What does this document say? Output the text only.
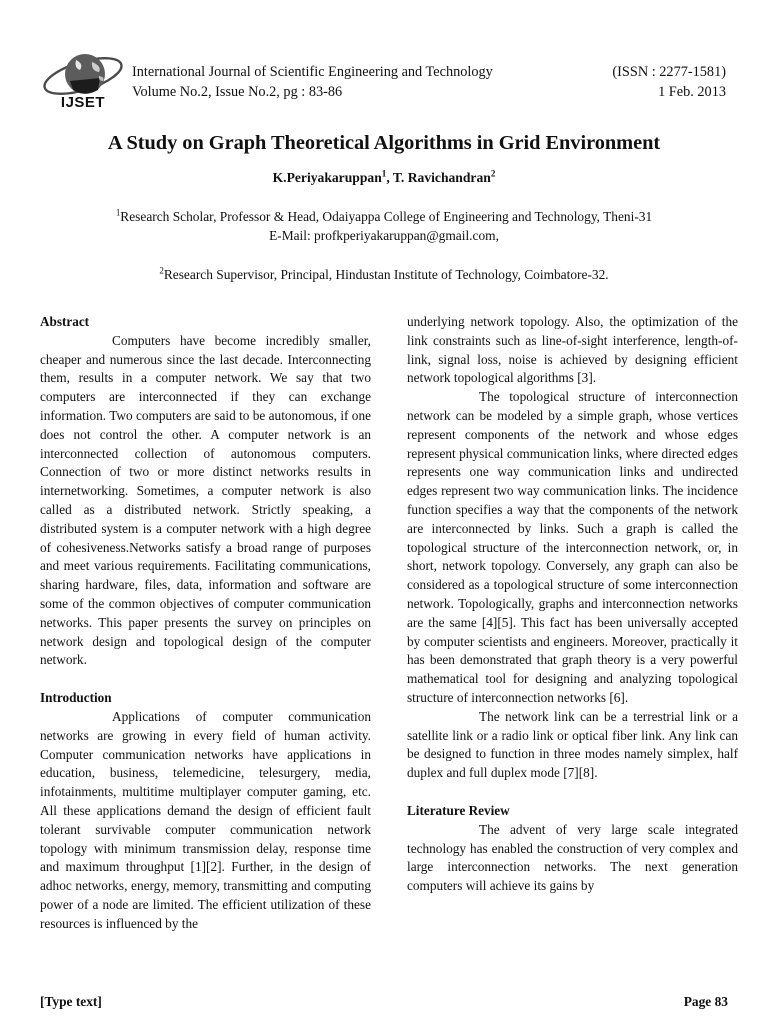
IJSET
International Journal of Scientific Engineering and Technology	(ISSN : 2277-1581)
Volume No.2, Issue No.2, pg : 83-86	1 Feb. 2013
A Study on Graph Theoretical Algorithms in Grid Environment
K.Periyakaruppan$^1$, T. Ravichandran$^2$
$^1$Research Scholar, Professor & Head, Odaiyappa College of Engineering and Technology, Theni-31
E-Mail: profkperiyakaruppan@gmail.com,
$^2$Research Supervisor, Principal, Hindustan Institute of Technology, Coimbatore-32.
Abstract

Computers have become incredibly smaller, cheaper and numerous since the last decade. Interconnecting them, results in a computer network. We say that two computers are interconnected if they can exchange information. Two computers are said to be autonomous, if one does not control the other. A computer network is an interconnected collection of autonomous computers. Connection of two or more distinct networks results in internetworking. Sometimes, a computer network is also called as a distributed network. Strictly speaking, a distributed system is a computer network with a high degree of cohesiveness.Networks satisfy a broad range of purposes and meet various requirements. Facilitating communications, sharing hardware, files, data, information and software are some of the common objectives of computer communication networks. This paper presents the survey on principles on network design and topological design of the computer network.

Introduction

Applications of computer communication networks are growing in every field of human activity. Computer communication networks have applications in education, business, telemedicine, telesurgery, media, infotainments, multitime multiplayer computer gaming, etc. All these applications demand the design of efficient fault tolerant survivable computer communication network topology with minimum transmission delay, response time and maximum throughput [1][2]. Further, in the design of adhoc networks, energy, memory, transmitting and computing power of a node are limited. The efficient utilization of these resources is influenced by the

underlying network topology. Also, the optimization of the link constraints such as line-of-sight interference, length-of-link, signal loss, noise is achieved by designing efficient network topological algorithms [3].

The topological structure of interconnection network can be modeled by a simple graph, whose vertices represent components of the network and whose edges represent physical communication links, where directed edges represents one way communication links and undirected edges represent two way communication links. The incidence function specifies a way that the components of the network are interconnected by links. Such a graph is called the topological structure of the interconnection network, or, in short, network topology. Conversely, any graph can also be considered as a topological structure of some interconnection network. Topologically, graphs and interconnection networks are the same [4][5]. This fact has been universally accepted by computer scientists and engineers. Moreover, practically it has been demonstrated that graph theory is a very powerful mathematical tool for designing and analyzing topological structure of interconnection networks [6].

The network link can be a terrestrial link or a satellite link or a radio link or optical fiber link. Any link can be designed to function in three modes namely simplex, half duplex and full duplex mode [7][8].

Literature Review

The advent of very large scale integrated technology has enabled the construction of very complex and large interconnection networks. The next generation computers will achieve its gains by

[Type text]	Page 83
